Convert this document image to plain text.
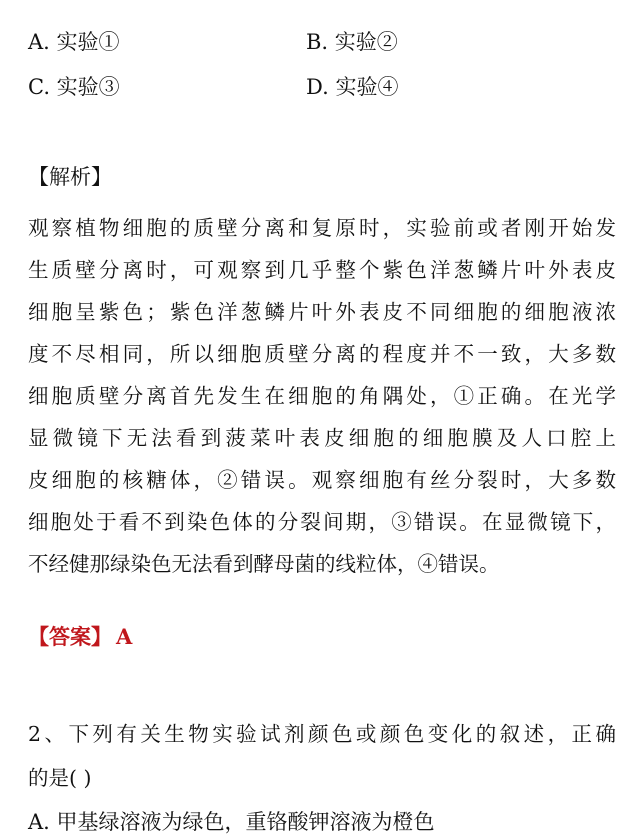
A. 实验①	B. 实验②
C. 实验③	D. 实验④
【解析】
观察植物细胞的质壁分离和复原时，实验前或者刚开始发
生质壁分离时，可观察到几乎整个紫色洋葱鳞片叶外表皮
细胞呈紫色；紫色洋葱鳞片叶外表皮不同细胞的细胞液浓
度不尽相同，所以细胞质壁分离的程度并不一致，大多数
细胞质壁分离首先发生在细胞的角隅处，①正确。在光学
显微镜下无法看到菠菜叶表皮细胞的细胞膜及人口腔上
皮细胞的核糖体，②错误。观察细胞有丝分裂时，大多数
细胞处于看不到染色体的分裂间期，③错误。在显微镜下，
不经健那绿染色无法看到酵母菌的线粒体，④错误。
【答案】 A
2、下列有关生物实验试剂颜色或颜色变化的叙述，正确
的是( )
A. 甲基绿溶液为绿色，重铬酸钾溶液为橙色
